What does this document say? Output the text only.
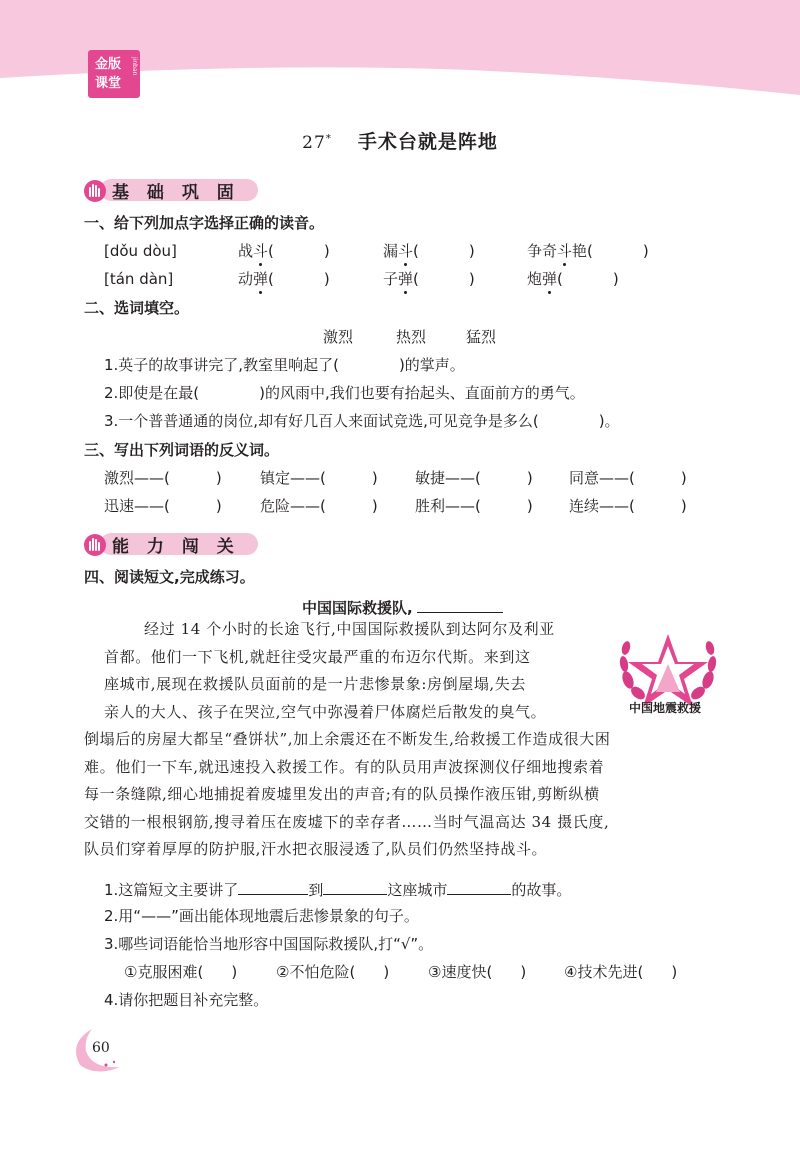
金版
课堂
jinban
27* 手术台就是阵地
基 础 巩 固
一、给下列加点字选择正确的读音。
[dǒu dòu]	战斗(	)	漏斗(	)	争奇斗艳(	)
[tán dàn]	动弹(	)	子弹(	)	炮弹(	)
二、选词填空。
激烈	热烈	猛烈
1.英子的故事讲完了,教室里响起了(	)的掌声。
2.即使是在最(	)的风雨中,我们也要有抬起头、直面前方的勇气。
3.一个普普通通的岗位,却有好几百人来面试竞选,可见竞争是多么(	)。
三、写出下列词语的反义词。
激烈——(	)	镇定——(	) 敏捷——(	) 同意——(	)
迅速——(	)	危险——(	) 胜利——(	) 连续——(	)
能 力 闯 关
四、阅读短文,完成练习。
中国国际救援队,
经过 14 个小时的长途飞行,中国国际救援队到达阿尔及利亚
首都。他们一下飞机,就赶往受灾最严重的布迈尔代斯。来到这
座城市,展现在救援队员面前的是一片悲惨景象:房倒屋塌,失去
亲人的大人、孩子在哭泣,空气中弥漫着尸体腐烂后散发的臭气。
倒塌后的房屋大都呈“叠饼状”,加上余震还在不断发生,给救援工作造成很大困
难。他们一下车,就迅速投入救援工作。有的队员用声波探测仪仔细地搜索着
每一条缝隙,细心地捕捉着废墟里发出的声音;有的队员操作液压钳,剪断纵横
交错的一根根钢筋,搜寻着压在废墟下的幸存者……当时气温高达 34 摄氏度,
队员们穿着厚厚的防护服,汗水把衣服浸透了,队员们仍然坚持战斗。
中国地震救援
1.这篇短文主要讲了	到	这座城市	的故事。
2.用“——”画出能体现地震后悲惨景象的句子。
3.哪些词语能恰当地形容中国国际救援队,打“√”。
①克服困难( )	②不怕危险( )	③速度快( )	④技术先进( )
4.请你把题目补充完整。
60
